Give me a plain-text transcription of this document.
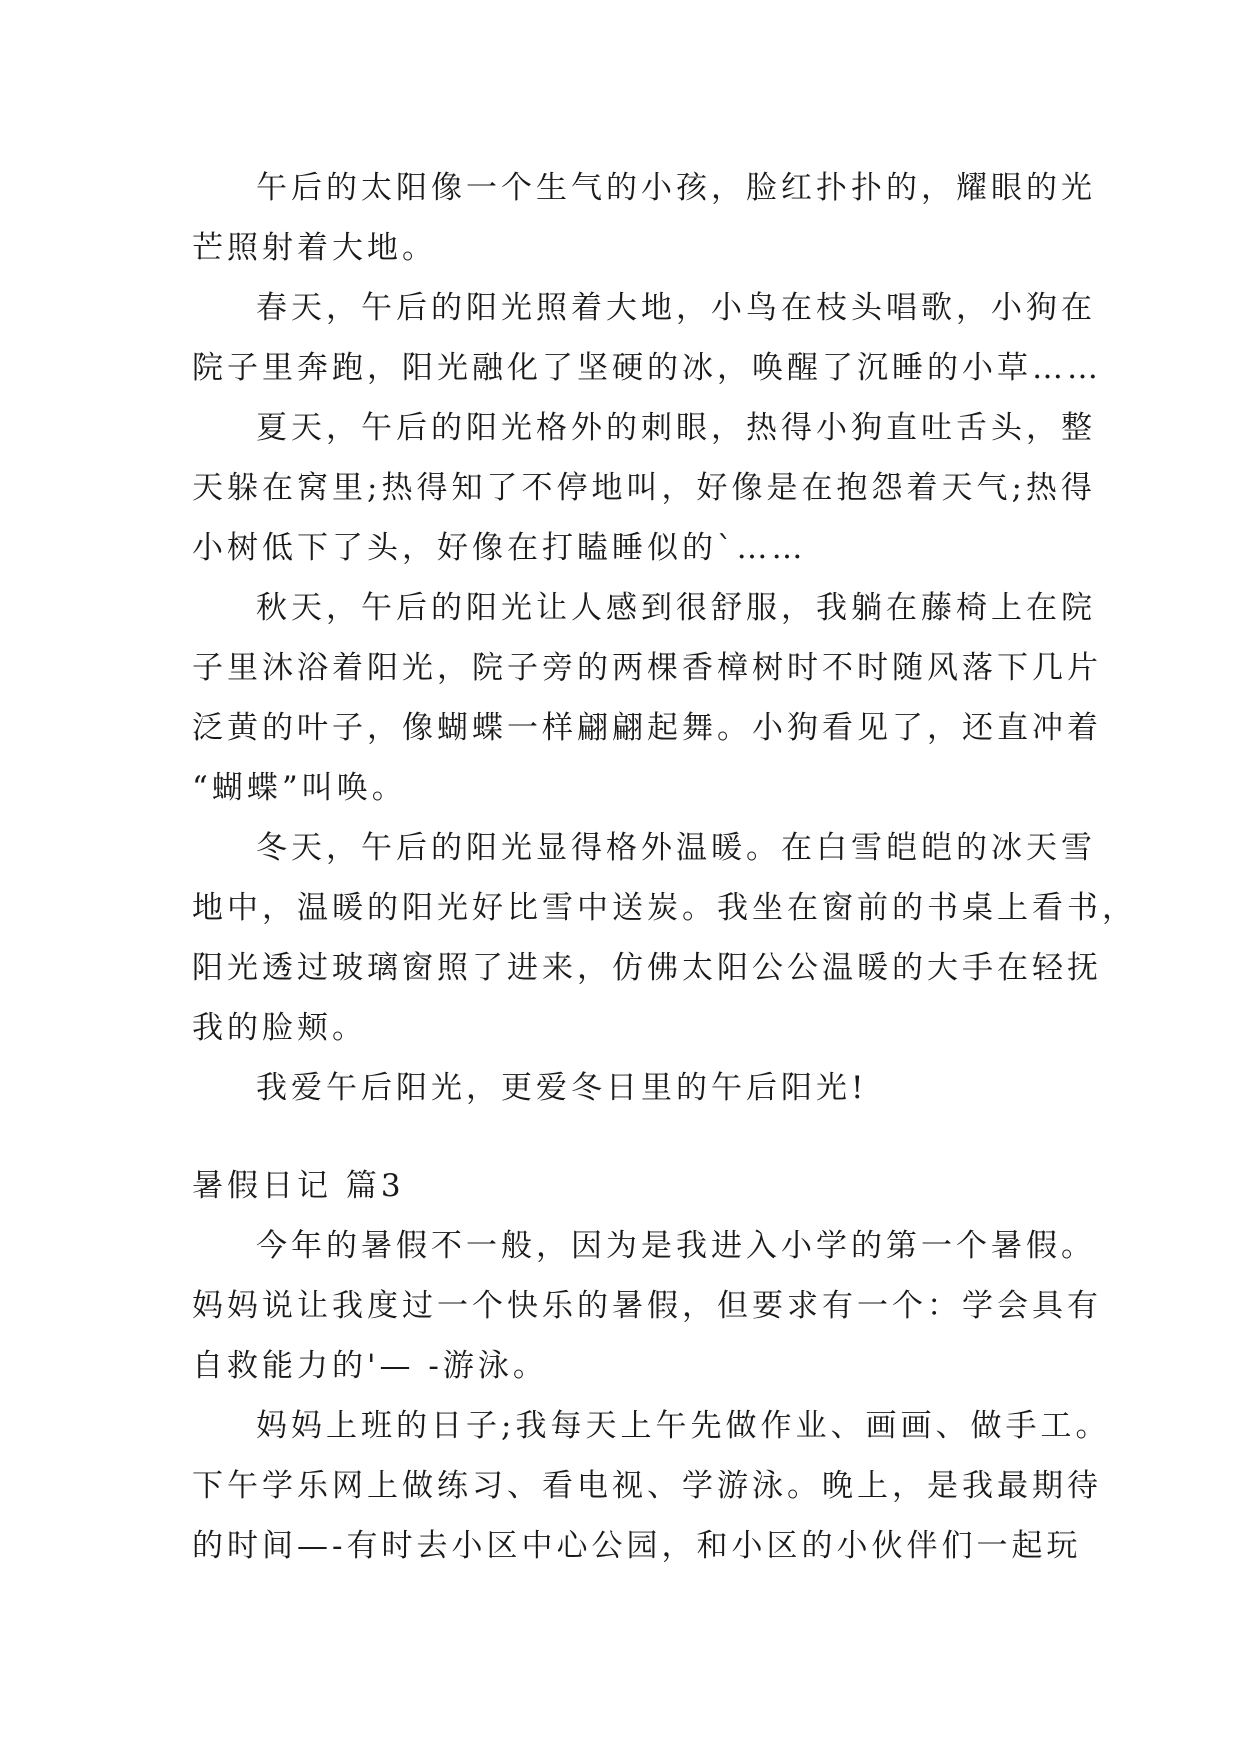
午后的太阳像一个生气的小孩，脸红扑扑的，耀眼的光
芒照射着大地。
春天，午后的阳光照着大地，小鸟在枝头唱歌，小狗在
院子里奔跑，阳光融化了坚硬的冰，唤醒了沉睡的小草……
夏天，午后的阳光格外的刺眼，热得小狗直吐舌头，整
天躲在窝里;热得知了不停地叫，好像是在抱怨着天气;热得
小树低下了头，好像在打瞌睡似的`……
秋天，午后的阳光让人感到很舒服，我躺在藤椅上在院
子里沐浴着阳光，院子旁的两棵香樟树时不时随风落下几片
泛黄的叶子，像蝴蝶一样翩翩起舞。小狗看见了，还直冲着
“蝴蝶”叫唤。
冬天，午后的阳光显得格外温暖。在白雪皑皑的冰天雪
地中，温暖的阳光好比雪中送炭。我坐在窗前的书桌上看书，
阳光透过玻璃窗照了进来，仿佛太阳公公温暖的大手在轻抚
我的脸颊。
我爱午后阳光，更爱冬日里的午后阳光!
暑假日记 篇3
今年的暑假不一般，因为是我进入小学的第一个暑假。
妈妈说让我度过一个快乐的暑假，但要求有一个：学会具有
自救能力的'— -游泳。
妈妈上班的日子;我每天上午先做作业、画画、做手工。
下午学乐网上做练习、看电视、学游泳。晚上，是我最期待
的时间—-有时去小区中心公园，和小区的小伙伴们一起玩
